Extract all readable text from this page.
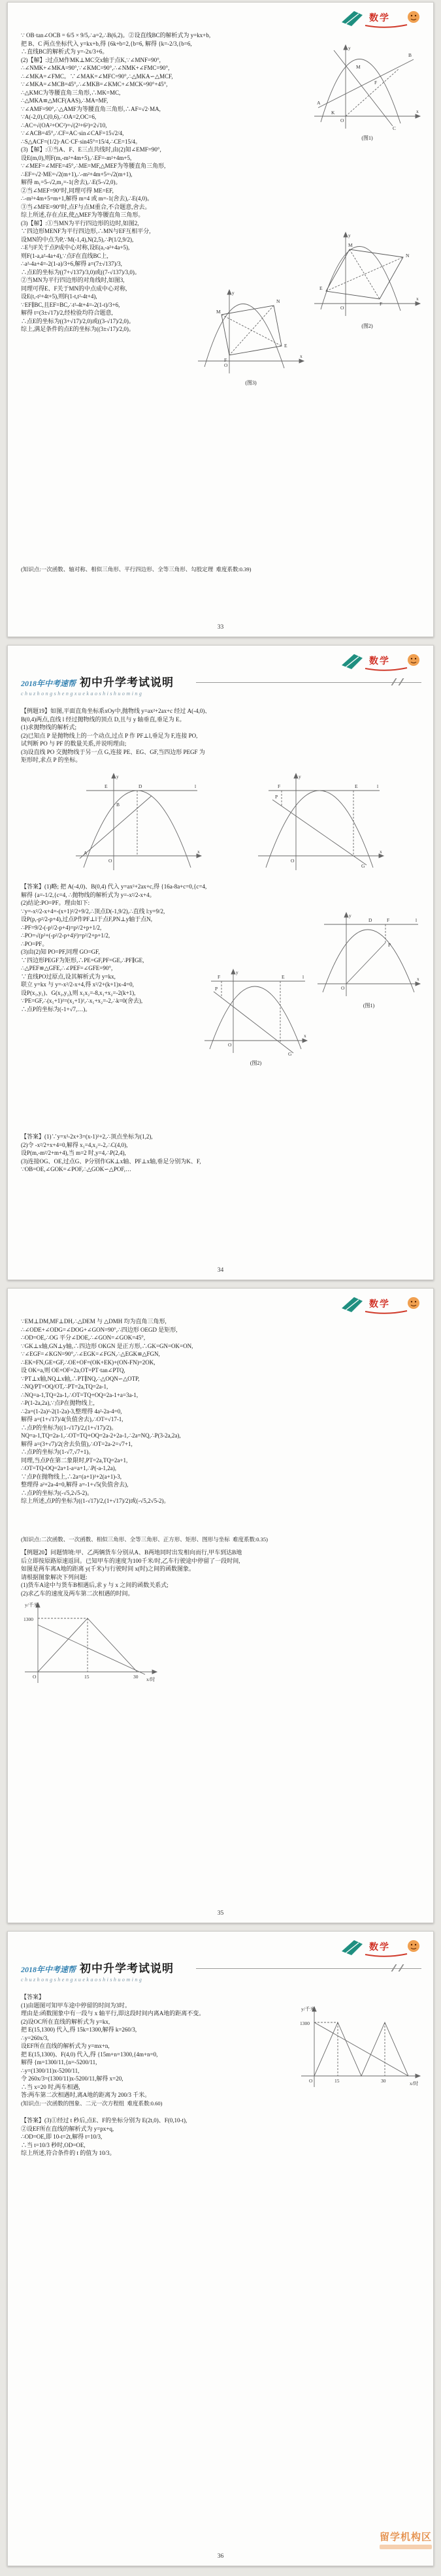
数学
∵ OB·tan∠OCB = 6/5 × 9/5,∴a=2,∴B(6,2)。②设直线BC的解析式为 y=kx+b,
y
x
O
A
B
C
M
F
K
(图1)
把 B、C 两点坐标代入 y=kx+b,得 {6k+b=2,{b=6, 解得 {k=-2/3,{b=6,
∴直线BC的解析式为 y=-2x/3+6。
(2)【解】:过点M作MK⊥MC交x轴于点K,∵∠MNF=90°,
∴∠NMK+∠MKA=90°,∵∠KMC=90°,∴∠NMK+∠FMC=90°,
∴∠MKA=∠FMC。∵∠MAK=∠MFC=90°,∴△MKA∽△MCF,
∵∠MKA=∠MCB=45°,∴∠MKB=∠KMC+∠MCK=90°+45°,
∴△KMC为等腰直角三角形,∴MK=MC,
∴△MKA≌△MCF(AAS),∴MA=MF,
∵∠AMF=90°,∴△AMF为等腰直角三角形,∴AF=√2·MA,
∵A(-2,0),C(0,6),∴OA=2,OC=6,
∴AC=√(OA²+OC²)=√(2²+6²)=2√10,
∵∠ACB=45°,∴CF=AC·sin∠CAF=15√2/4,
∴S△ACF=(1/2)·AC·CF·sin45°=15/4,∴CE=15/4。
(3)【解】:①当A、F、E三点共线时,由(2)知∠EMF=90°,
设E(m,0),则F(m,-m²+4m+5),∴EF=-m²+4m+5,
∵∠MEF=∠MFE=45°,∴ME=MF,△MEF为等腰直角三角形,
∴EF=√2·ME=√2(m+1),∴-m²+4m+5=√2(m+1),
解得 m₁=5-√2,m₂=-1(舍去),∴E(5-√2,0)。
②当∠MEF=90°时,同理可得 ME=EF,
∴-m²+4m+5=m+1,解得 m=4 或 m=-1(舍去),∴E(4,0)。
③当∠MFE=90°时,点F与点M重合,不合题意,舍去。
综上所述,存在点E,使△MEF为等腰直角三角形。
(3)【解】:①当MN为平行四边形的边时,如图2,
y
x
O
M
E
N
F
(图2)
∵四边形MENF为平行四边形,∴MN与EF互相平分,
设MN的中点为P,∵M(-1,4),N(2,5),∴P(1/2,9/2),
∴E与F关于点P成中心对称,设E(a,-a²+4a+5),
则F(1-a,a²-4a+4),∵点F在直线BC上,
∴a²-4a+4=-2(1-a)/3+6,解得 a=(7±√137)/3,
∴点E的坐标为((7+√137)/3,0)或((7-√137)/3,0)。
②当MN为平行四边形的对角线时,如图3,
y
x
O
M
N
E
F
(图3)
同理可得E、F关于MN的中点成中心对称,
设E(t,-t²+4t+5),则F(1-t,t²-4t+4),
∵EF∥BC,且EF=BC,∴t²-4t+4=-2(1-t)/3+6,
解得 t=(3±√17)/2,经检验均符合题意,
∴点E的坐标为((3+√17)/2,0)或((3-√17)/2,0)。
综上,满足条件的点E的坐标为((3±√17)/2,0)。
(知识点:一次函数、轴对称、相似三角形、平行四边形、全等三角形、勾股定理  难度系数:0.39)
33
数学
2018年中考速帮 初中升学考试说明
chuzhongshengxuekaoshishuoming
【例题19】如图,平面直角坐标系xOy中,抛物线 y=ax²+2ax+c 经过 A(-4,0)、
B(0,4)两点,直线 l 经过抛物线的顶点 D,且与 y 轴垂直,垂足为 E。
(1)求抛物线的解析式;
(2)已知点 P 是抛物线上的一个动点,过点 P 作 PF⊥l,垂足为 F,连接 PO,
试判断 PO 与 PF 的数量关系,并说明理由;
(3)设直线 PO 交抛物线于另一点 G,连接 PE、EG、GF,当四边形 PEGF 为
矩形时,求点 P 的坐标。
y
x
O
A
B
D	l
E
y
x
O
P
G
F	E	l
【答案】(1)略; 把 A(-4,0)、B(0,4) 代入 y=ax²+2ax+c,得 {16a-8a+c=0,{c=4,
解得 {a=-1/2,{c=4, ∴抛物线的解析式为 y=-x²/2-x+4。
(2)结论:PO=PF。理由如下:
y
x
O
D	F
P
l
(图1)
∵y=-x²/2-x+4=-(x+1)²/2+9/2,∴顶点D(-1,9/2),∴直线 l:y=9/2,
设P(p,-p²/2-p+4),过点P作PF⊥l于点F,PN⊥y轴于点N,
∴PF=9/2-(-p²/2-p+4)=p²/2+p+1/2,
∴PO=√(p²+(-p²/2-p+4)²)=p²/2+p+1/2,
∴PO=PF。
(3)由(2)知 PO=PF,同理 GO=GF,
∵四边形PEGF为矩形,∴PE=GF,PF=GE,∴PF∥GE,
y
x
O
P
G
F	E	l
(图2)
∴△PEF≌△GFE,∴∠PEF=∠GFE=90°,
∵直线PO过原点,设其解析式为 y=kx,
联立 y=kx 与 y=-x²/2-x+4,得 x²/2+(k+1)x-4=0,
设P(x₁,y₁)、G(x₂,y₂),则 x₁x₂=-8,x₁+x₂=-2(k+1),
∵PE=GF,∴(x₁+1)²=(x₂+1)²,∴x₁+x₂=-2,∴k=0(舍去),
∴点P的坐标为(-1+√7,…)。
【答案】(1)∵y=x²-2x+3=(x-1)²+2,∴顶点坐标为(1,2),
(2)令 -x²/2+x+4=0,解得 x₁=4,x₂=-2,∴C(4,0),
设P(m,-m²/2+m+4),当 m=2 时,y=4,∴P(2,4),
(3)连接OG、OE,过点G、P分别作GK⊥x轴、PF⊥x轴,垂足分别为K、F,
∵OB=OE,∠GOK=∠POF,∴△GOK∽△POF,…
34
数学
∵EM⊥DM,MF⊥DH,∴△DEM 与 △DMH 均为直角三角形,
∴∠ODE+∠ODG=∠DOG+∠GON=90°,∴四边形 OEGD 是矩形,
∴OD=OE,∴OG 平分∠DOE,∴∠GON=∠GOK=45°,
∵GK⊥x轴,GN⊥y轴,∴四边形 OKGN 是正方形,∴GK=GN=OK=ON,
∵∠EGF=∠KGN=90°,∴∠EGK=∠FGN,∴△EGK≌△FGN,
∴EK=FN,GE=GF,∴OE+OF=(OK+EK)+(ON-FN)=2OK,
设 OK=a,则 OE+OF=2a,OT=PT·tan∠PTQ,
∵PT⊥x轴,NQ⊥x轴,∴PT∥NQ,∴△OQN∽△OTP,
∴NQ/PT=OQ/OT,∴PT=2a,TQ=2a-1,
∴NQ=a-1,TQ=2a-1,∴OT=TQ+OQ=2a-1+a=3a-1,
∴P(1-2a,2a),∵点P在抛物线上,
∴2a=(1-2a)²-2(1-2a)-3,整理得 4a²-2a-4=0,
解得 a=(1+√17)/4(负值舍去),∴OT=√17-1,
∴点P的坐标为((1-√17)/2,(1+√17)/2)。
NQ=a-1,TQ=2a-1,∴OT=TQ+OQ=2a-2+2a-1,∴2a=NQ,∴P(3-2a,2a),
解得 a=(3+√7)/2(舍去负值),∴OT=2a-2=√7+1,
∴点P的坐标为(1-√7,√7+1)。
同理,当点P在第二象限时,PT=2a,TQ=2a+1,
∴OT=TQ-OQ=2a+1-a=a+1,∴P(-a-1,2a),
∵点P在抛物线上,∴2a=(a+1)²+2(a+1)-3,
整理得 a²+2a-4=0,解得 a=-1+√5(负值舍去),
∴点P的坐标为(-√5,2√5-2)。
综上所述,点P的坐标为((1-√17)/2,(1+√17)/2)或(-√5,2√5-2)。
(知识点:二次函数、一次函数、相似三角形、全等三角形、正方形、矩形、图形与坐标  难度系数:0.35)
【例题20】问题情境:甲、乙两辆货车分别从A、B两地同时出发相向而行,甲车到达B地
后立即按原路原速返回。已知甲车的速度为100千米/时,乙车行驶途中停留了一段时间,
如图是两车离A地的距离 y(千米)与行驶时间 x(时)之间的函数图象。
请根据图象解决下列问题:
(1)货车A途中与货车B相遇后,求 y 与 x 之间的函数关系式;
(2)求乙车的速度及两车第二次相遇的时间。
y/千米
x/时
O
1300
15	30
35
数学
2018年中考速帮 初中升学考试说明
chuzhongshengxuekaoshishuoming
【答案】
y/千米
x/时
O
1300
15	30
(1)由题图可知甲车途中停留的时间为3时。
理由是:函数图象中有一段与 x 轴平行,即这段时间内离A地的距离不变。
(2)设OC所在直线的解析式为 y=kx,
把 E(15,1300) 代入,得 15k=1300,解得 k=260/3,
∴y=260x/3,
设EF所在直线的解析式为 y=mx+n,
把 E(15,1300)、F(4,0) 代入,得 {15m+n=1300,{4m+n=0,
解得 {m=1300/11,{n=-5200/11,
∴y=(1300/11)x-5200/11,
令 260x/3=(1300/11)x-5200/11,解得 x=20,
∴当 x=20 时,两车相遇,
答:两车第二次相遇时,离A地的距离为 200/3 千米。
(知识点:一次函数的图象、二元一次方程组  难度系数:0.60)
【答案】(3)①经过 t 秒后,点E、F的坐标分别为 E(2t,0)、F(0,10-t),
②设EF所在直线的解析式为 y=px+q,
∴OD=OE,即 10-t=2t,解得 t=10/3,
∴当 t=10/3 秒时,OD=OE,
综上所述,符合条件的 t 的值为 10/3。
36
留学机构区
